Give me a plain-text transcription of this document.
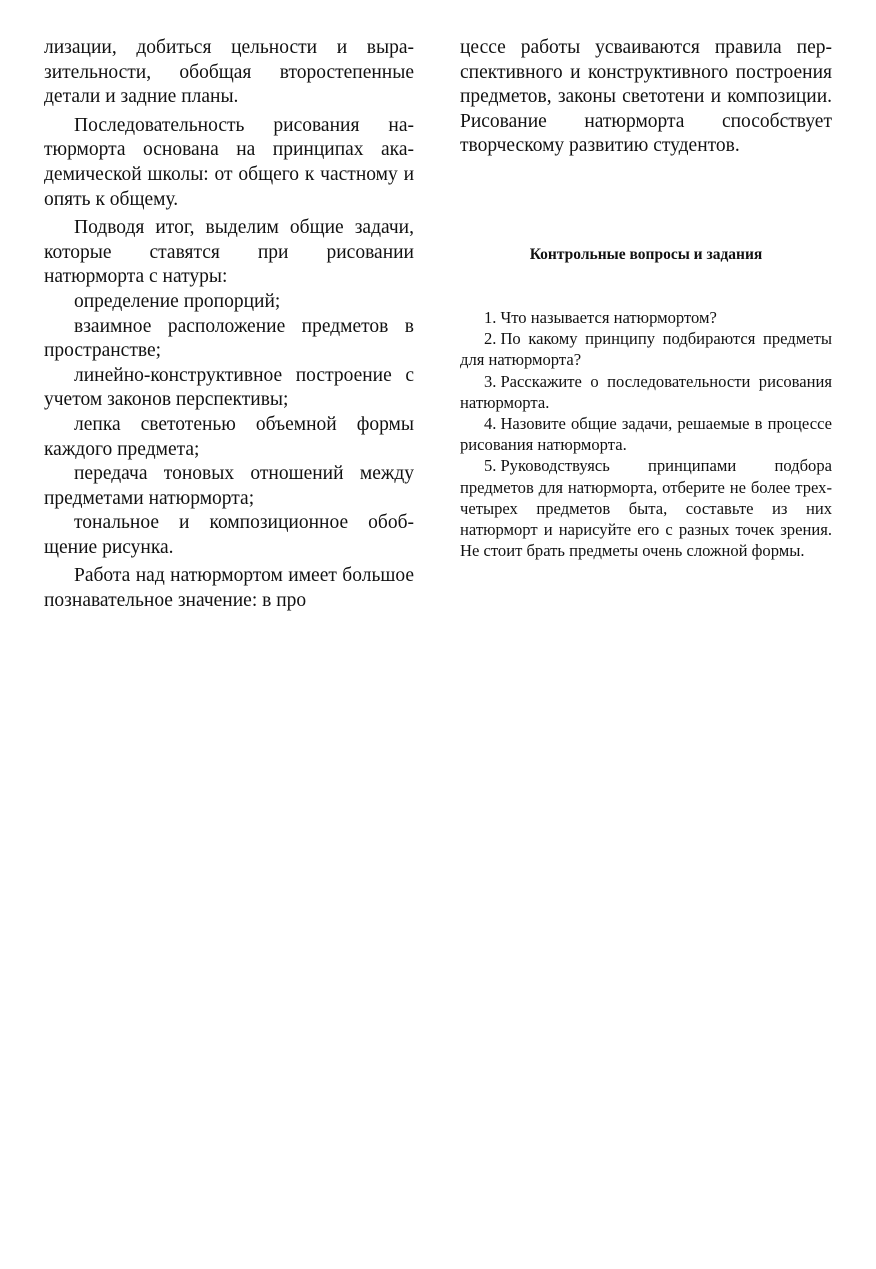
лизации, добиться цельности и выразительности, обобщая второстепенные детали и задние планы.

Последовательность рисования натюрморта основана на принципах академической школы: от общего к частному и опять к общему.

Подводя итог, выделим общие задачи, которые ставятся при рисовании натюрморта с натуры:

определение пропорций;

взаимное расположение предметов в пространстве;

линейно-конструктивное построение с учетом законов перспективы;

лепка светотенью объемной формы каждого предмета;

передача тоновых отношений между предметами натюрморта;

тональное и композиционное обобщение рисунка.

Работа над натюрмортом имеет большое познавательное значение: в про

цессе работы усваиваются правила перспективного и конструктивного построения предметов, законы светотени и композиции. Рисование натюрморта способствует творческому развитию студентов.

Контрольные вопросы и задания
1. Что называется натюрмортом?
2. По какому принципу подбираются предметы для натюрморта?
3. Расскажите о последовательности рисования натюрморта.
4. Назовите общие задачи, решаемые в процессе рисования натюрморта.
5. Руководствуясь принципами подбора предметов для натюрморта, отберите не более трех-четырех предметов быта, составьте из них натюрморт и нарисуйте его с разных точек зрения. Не стоит брать предметы очень сложной формы.
